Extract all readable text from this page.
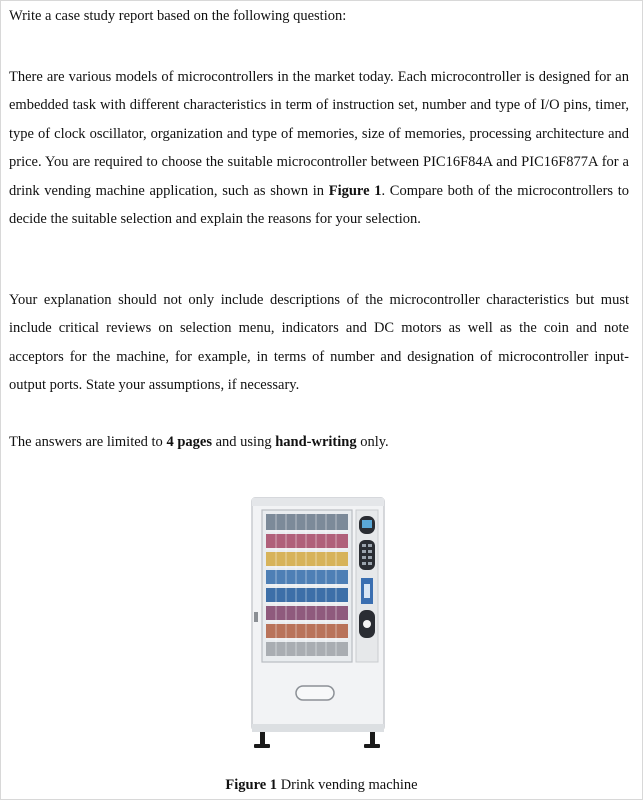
Write a case study report based on the following question:

There are various models of microcontrollers in the market today. Each microcontroller is designed for an embedded task with different characteristics in term of instruction set, number and type of I/O pins, timer, type of clock oscillator, organization and type of memories, size of memories, processing architecture and price. You are required to choose the suitable microcontroller between PIC16F84A and PIC16F877A for a drink vending machine application, such as shown in Figure 1. Compare both of the microcontrollers to decide the suitable selection and explain the reasons for your selection.

Your explanation should not only include descriptions of the microcontroller characteristics but must include critical reviews on selection menu, indicators and DC motors as well as the coin and note acceptors for the machine, for example, in terms of number and designation of microcontroller input-output ports. State your assumptions, if necessary.

The answers are limited to 4 pages and using hand-writing only.

Figure 1 Drink vending machine
